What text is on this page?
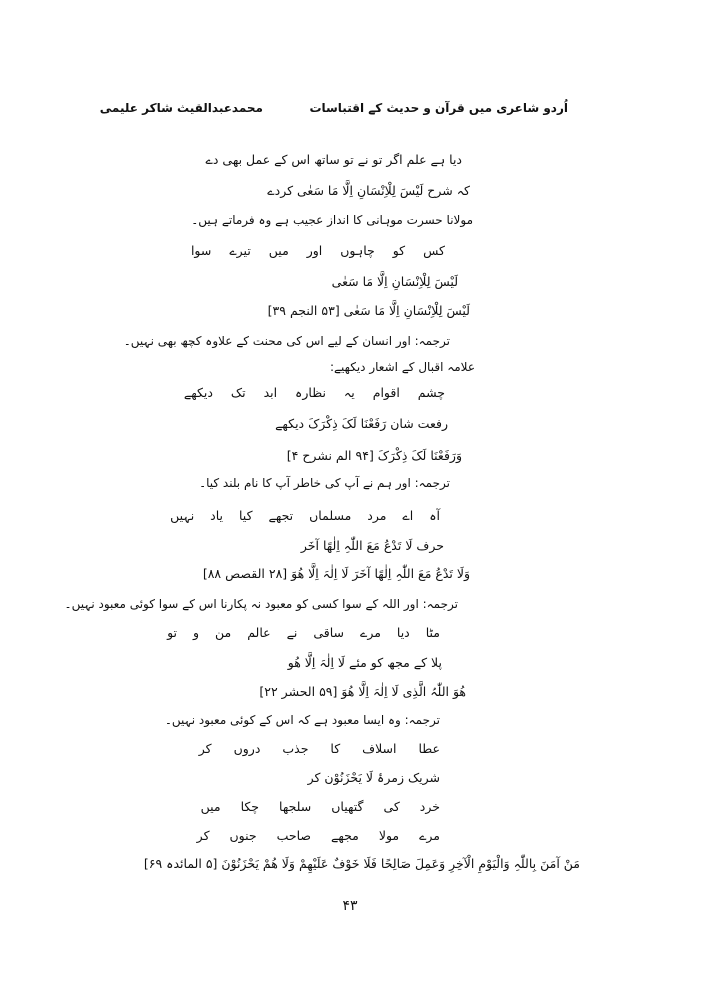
محمدعبدالقیث شاکر علیمی	اُردو شاعری میں قرآن و حدیث کے اقتباسات
دیا ہے علم اگر تو نے تو ساتھ اس کے عمل بھی دے
کہ شرح لَیْسَ لِلْاِنْسَانِ اِلَّا مَا سَعٰی کردے
مولانا حسرت موہانی کا انداز عجیب ہے وہ فرماتے ہیں۔
کس کو چاہوں اور میں تیرے سوا
لَیْسَ لِلْاِنْسَانِ اِلَّا مَا سَعٰی
لَیْسَ لِلْاِنْسَانِ اِلَّا مَا سَعٰی [۵۳ النجم ۳۹]
ترجمہ: اور انسان کے لیے اس کی محنت کے علاوہ کچھ بھی نہیں۔
علامہ اقبال کے اشعار دیکھیے:
چشم اقوام یہ نظارہ ابد تک دیکھے
رفعت شان رَفَعْنَا لَکَ ذِکْرَکَ دیکھے
وَرَفَعْنَا لَکَ ذِکْرَکَ [۹۴ الم نشرح ۴]
ترجمہ: اور ہم نے آپ کی خاطر آپ کا نام بلند کیا۔
آہ اے مرد مسلماں تجھے کیا یاد نہیں
حرف لَا تَدْعُ مَعَ اللّٰہِ اِلٰھًا آخَر
وَلَا تَدْعُ مَعَ اللّٰہِ اِلٰھًا آخَرَ لَا اِلٰہَ اِلَّا ھُوَ [۲۸ القصص ۸۸]
ترجمہ: اور اللہ کے سوا کسی کو معبود نہ پکارنا اس کے سوا کوئی معبود نہیں۔
مٹا دیا مرے ساقی نے عالم من و تو
پلا کے مجھ کو مئے لَا اِلٰہَ اِلَّا ھُو
ھُوَ اللّٰہُ الَّذِی لَا اِلٰہَ اِلَّا ھُوَ [۵۹ الحشر ۲۲]
ترجمہ: وہ ایسا معبود ہے کہ اس کے کوئی معبود نہیں۔
عطا اسلاف کا جذب دروں کر
شریک زمرۂ لَا یَحْزَنُوْن کر
خرد کی گتھیاں سلجھا چکا میں
مرے مولا مجھے صاحب جنوں کر
مَنْ آمَنَ بِاللّٰہِ وَالْیَوْمِ الْآخِرِ وَعَمِلَ صَالِحًا فَلَا خَوْفٌ عَلَیْھِمْ وَلَا ھُمْ یَحْزَنُوْنَ [۵ المائدہ ۶۹]
۴۳
